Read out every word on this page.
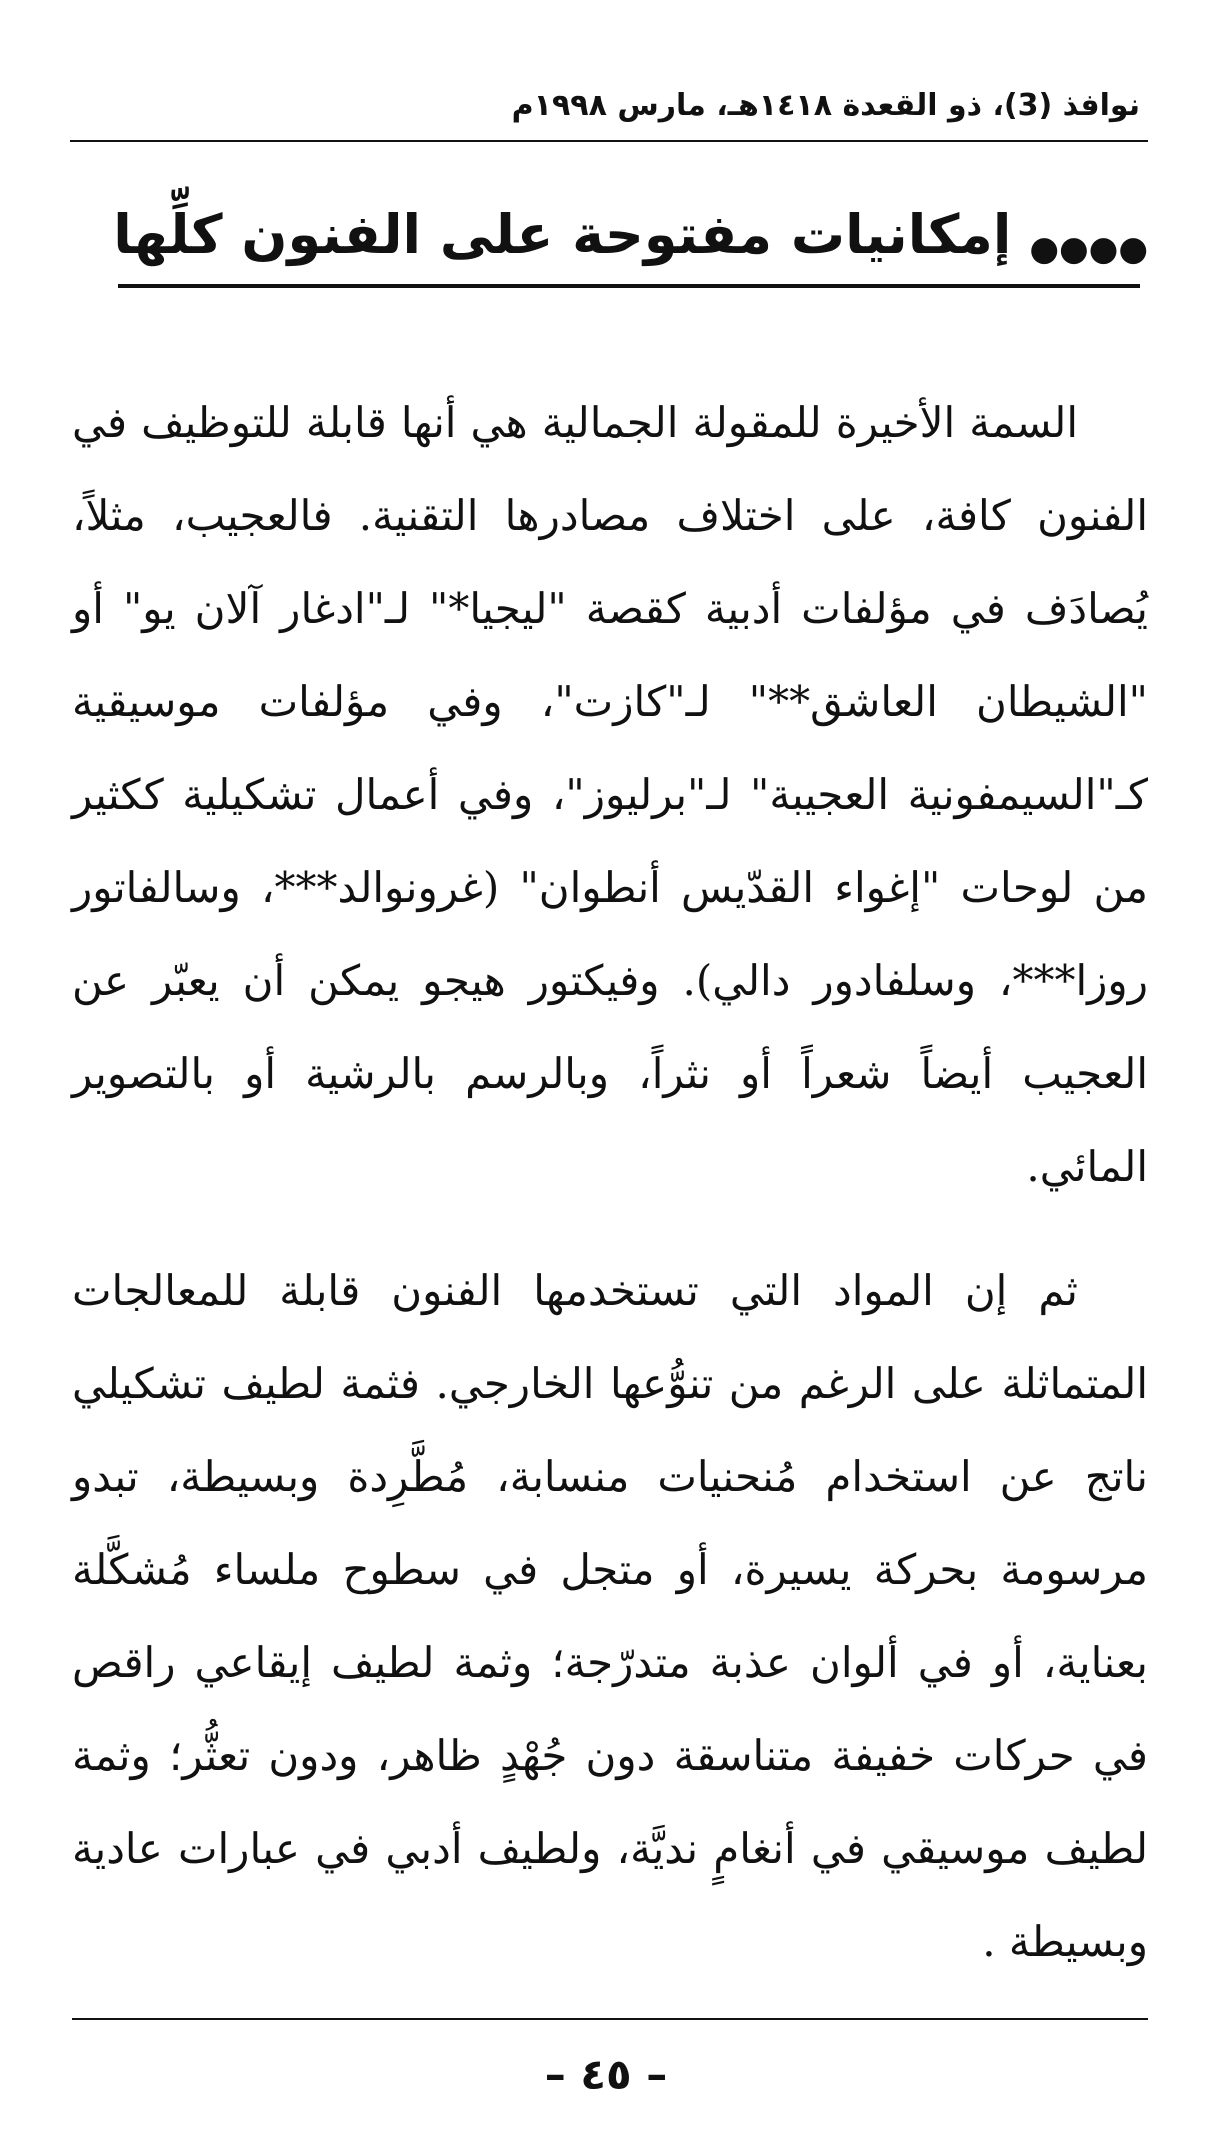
نوافذ (3)، ذو القعدة ١٤١٨هـ، مارس ١٩٩٨م
●●●●إمكانيات مفتوحة على الفنون كلِّها

السمة الأخيرة للمقولة الجمالية هي أنها قابلة للتوظيف في الفنون كافة، على اختلاف مصادرها التقنية. فالعجيب، مثلاً، يُصادَف في مؤلفات أدبية كقصة "ليجيا*" لـ"ادغار آلان يو" أو "الشيطان العاشق**" لـ"كازت"، وفي مؤلفات موسيقية كـ"السيمفونية العجيبة" لـ"برليوز"، وفي أعمال تشكيلية ككثير من لوحات "إغواء القدّيس أنطوان" (غرونوالد***، وسالفاتور روزا***، وسلفادور دالي). وفيكتور هيجو يمكن أن يعبّر عن العجيب أيضاً شعراً أو نثراً، وبالرسم بالرشية أو بالتصوير المائي.

ثم إن المواد التي تستخدمها الفنون قابلة للمعالجات المتماثلة على الرغم من تنوُّعها الخارجي. فثمة لطيف تشكيلي ناتج عن استخدام مُنحنيات منسابة، مُطَّرِدة وبسيطة، تبدو مرسومة بحركة يسيرة، أو متجل في سطوح ملساء مُشكَّلة بعناية، أو في ألوان عذبة متدرّجة؛ وثمة لطيف إيقاعي راقص في حركات خفيفة متناسقة دون جُهْدٍ ظاهر، ودون تعثُّر؛ وثمة لطيف موسيقي في أنغامٍ نديَّة، ولطيف أدبي في عبارات عادية وبسيطة .

– ٤٥ –
